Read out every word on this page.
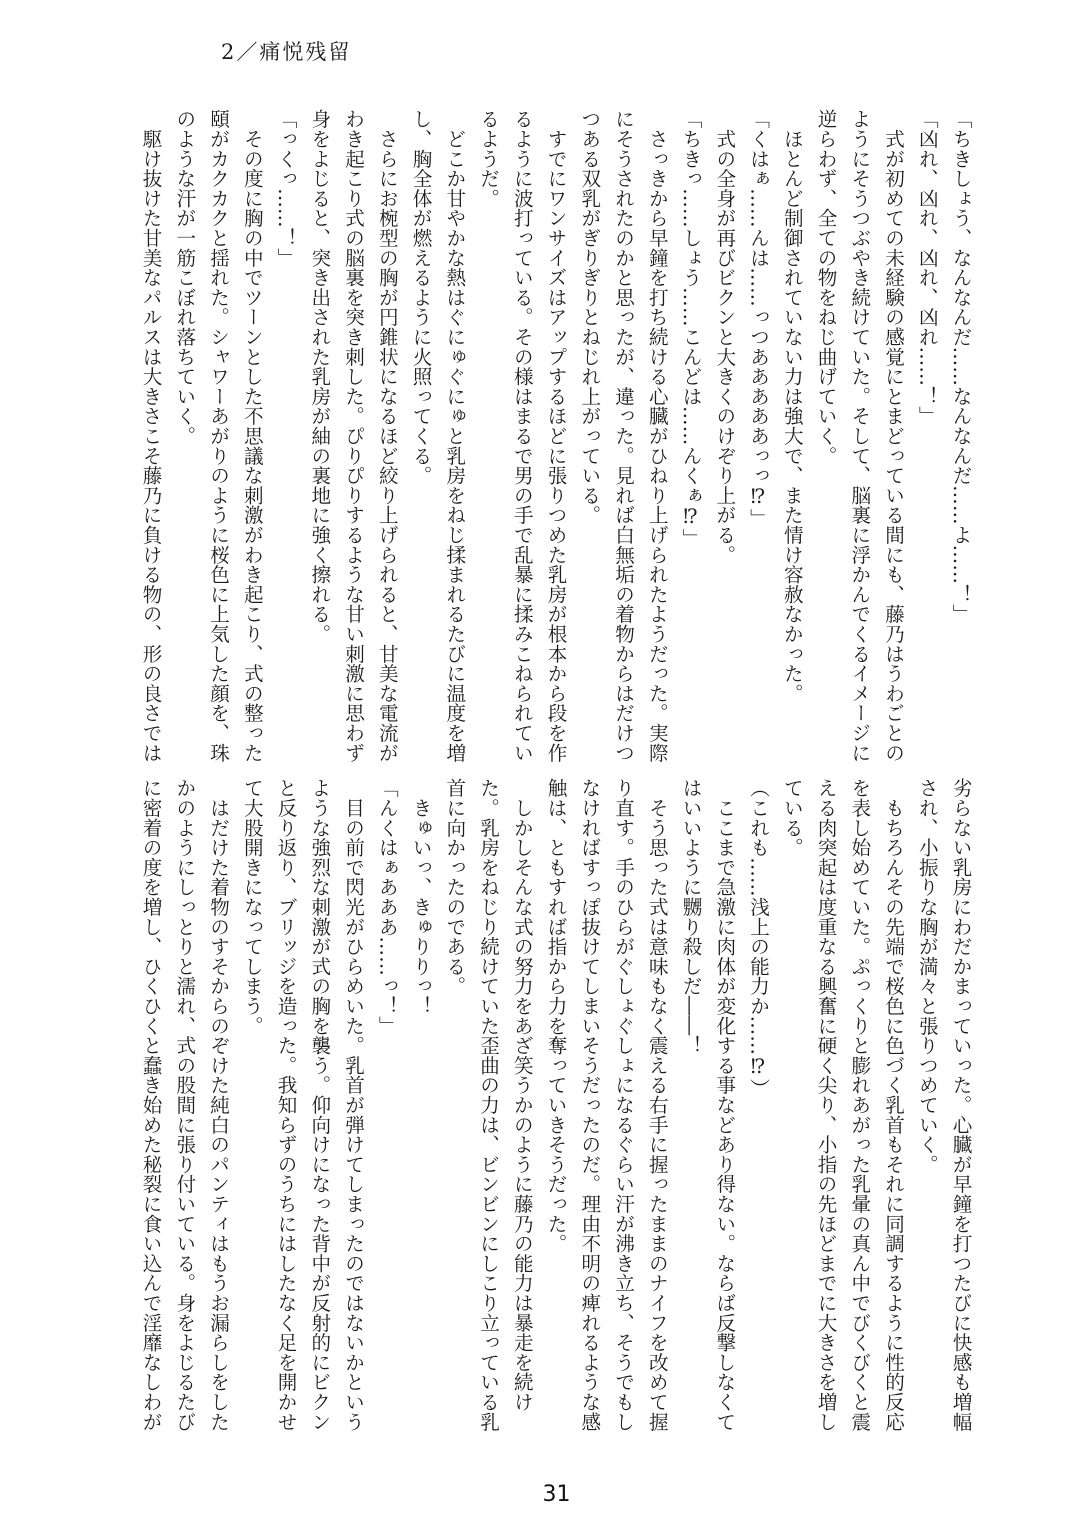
2／痛悦残留

「ちきしょう、なんなんだ……なんなんだ……よ……！」

「凶れ、凶れ、凶れ、凶れ……！」

　式が初めての未経験の感覚にとまどっている間にも、藤乃はうわごとの

ようにそうつぶやき続けていた。そして、脳裏に浮かんでくるイメージに

逆らわず、全ての物をねじ曲げていく。

　ほとんど制御されていない力は強大で、また情け容赦なかった。

「くはぁ……んは……っつあああああっっ⁉」

　式の全身が再びビクンと大きくのけぞり上がる。

「ちきっ……しょう……こんどは……んくぁ⁉」

　さっきから早鐘を打ち続ける心臓がひねり上げられたようだった。実際

にそうされたのかと思ったが、違った。見れば白無垢の着物からはだけつ

つある双乳がぎりぎりとねじれ上がっている。

　すでにワンサイズはアップするほどに張りつめた乳房が根本から段を作

るように波打っている。その様はまるで男の手で乱暴に揉みこねられてい

るようだ。

　どこか甘やかな熱はぐにゅぐにゅと乳房をねじ揉まれるたびに温度を増

し、胸全体が燃えるように火照ってくる。

　さらにお椀型の胸が円錐状になるほど絞り上げられると、甘美な電流が

わき起こり式の脳裏を突き刺した。ぴりぴりするような甘い刺激に思わず

身をよじると、突き出された乳房が紬の裏地に強く擦れる。

「っくっ……！」

　その度に胸の中でツーンとした不思議な刺激がわき起こり、式の整った

頤がカクカクと揺れた。シャワーあがりのように桜色に上気した顔を、珠

のような汗が一筋こぼれ落ちていく。

　駆け抜けた甘美なパルスは大きさこそ藤乃に負ける物の、形の良さでは

劣らない乳房にわだかまっていった。心臓が早鐘を打つたびに快感も増幅

され、小振りな胸が満々と張りつめていく。

　もちろんその先端で桜色に色づく乳首もそれに同調するように性的反応

を表し始めていた。ぷっくりと膨れあがった乳暈の真ん中でびくびくと震

える肉突起は度重なる興奮に硬く尖り、小指の先ほどまでに大きさを増し

ている。

（これも……浅上の能力か……⁉）

　ここまで急激に肉体が変化する事などあり得ない。ならば反撃しなくて

はいいように嬲り殺しだ――！

　そう思った式は意味もなく震える右手に握ったままのナイフを改めて握

り直す。手のひらがぐしょぐしょになるぐらい汗が沸き立ち、そうでもし

なければすっぽ抜けてしまいそうだったのだ。理由不明の痺れるような感

触は、ともすれば指から力を奪っていきそうだった。

　しかしそんな式の努力をあざ笑うかのように藤乃の能力は暴走を続け

た。乳房をねじり続けていた歪曲の力は、ビンビンにしこり立っている乳

首に向かったのである。

　きゅいっ、きゅりりっ！

「んくはぁあああ……っ！」

　目の前で閃光がひらめいた。乳首が弾けてしまったのではないかという

ような強烈な刺激が式の胸を襲う。仰向けになった背中が反射的にビクン

と反り返り、ブリッジを造った。我知らずのうちにはしたなく足を開かせ

て大股開きになってしまう。

　はだけた着物のすそからのぞけた純白のパンティはもうお漏らしをした

かのようにしっとりと濡れ、式の股間に張り付いている。身をよじるたび

に密着の度を増し、ひくひくと蠢き始めた秘裂に食い込んで淫靡なしわが

31
